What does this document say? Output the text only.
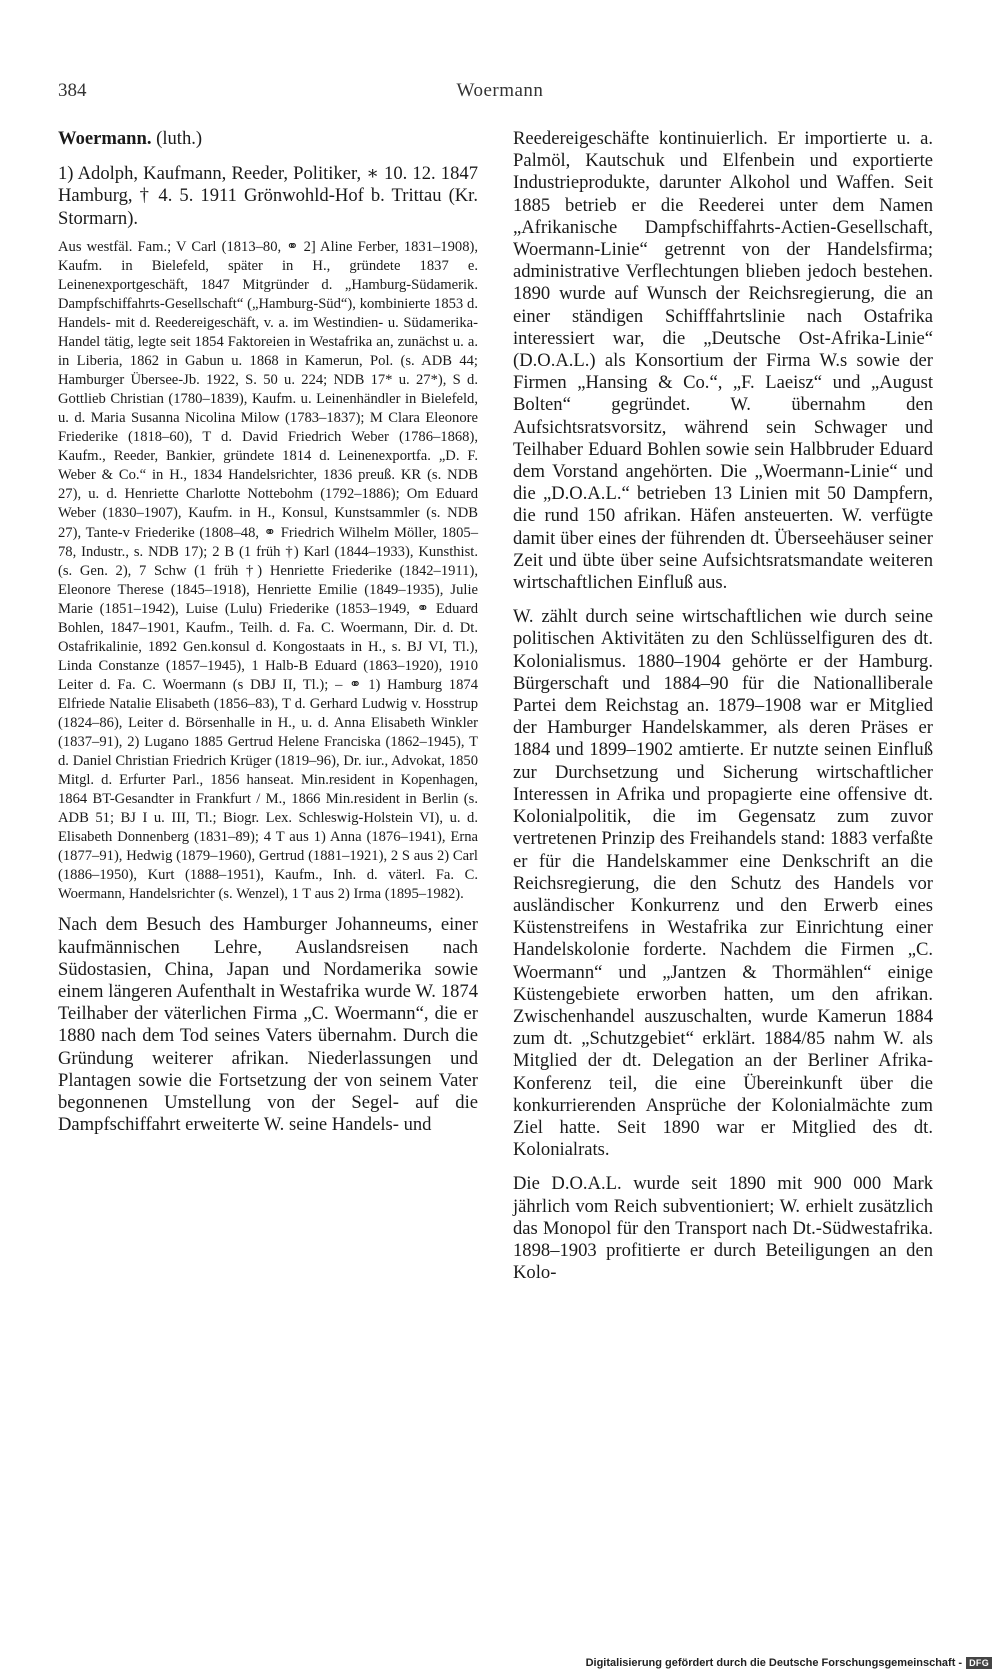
384	Woermann
Woermann. (luth.)

1) Adolph, Kaufmann, Reeder, Politiker, ∗ 10. 12. 1847 Hamburg, † 4. 5. 1911 Grönwohld-Hof b. Trittau (Kr. Stormarn).

Aus westfäl. Fam.; V Carl (1813–80, ⚭ 2] Aline Ferber, 1831–1908), Kaufm. in Bielefeld, später in H., gründete 1837 e. Leinenexportgeschäft, 1847 Mitgründer d. „Hamburg-Südamerik. Dampfschiffahrts-Gesellschaft“ („Hamburg-Süd“), kombinierte 1853 d. Handels- mit d. Reedereigeschäft, v. a. im Westindien- u. Südamerika-Handel tätig, legte seit 1854 Faktoreien in Westafrika an, zunächst u. a. in Liberia, 1862 in Gabun u. 1868 in Kamerun, Pol. (s. ADB 44; Hamburger Übersee-Jb. 1922, S. 50 u. 224; NDB 17* u. 27*), S d. Gottlieb Christian (1780–1839), Kaufm. u. Leinenhändler in Bielefeld, u. d. Maria Susanna Nicolina Milow (1783–1837); M Clara Eleonore Friederike (1818–60), T d. David Friedrich Weber (1786–1868), Kaufm., Reeder, Bankier, gründete 1814 d. Leinenexportfa. „D. F. Weber & Co.“ in H., 1834 Handelsrichter, 1836 preuß. KR (s. NDB 27), u. d. Henriette Charlotte Nottebohm (1792–1886); Om Eduard Weber (1830–1907), Kaufm. in H., Konsul, Kunstsammler (s. NDB 27), Tante-v Friederike (1808–48, ⚭ Friedrich Wilhelm Möller, 1805–78, Industr., s. NDB 17); 2 B (1 früh †) Karl (1844–1933), Kunsthist. (s. Gen. 2), 7 Schw (1 früh †) Henriette Friederike (1842–1911), Eleonore Therese (1845–1918), Henriette Emilie (1849–1935), Julie Marie (1851–1942), Luise (Lulu) Friederike (1853–1949, ⚭ Eduard Bohlen, 1847–1901, Kaufm., Teilh. d. Fa. C. Woermann, Dir. d. Dt. Ostafrikalinie, 1892 Gen.konsul d. Kongostaats in H., s. BJ VI, Tl.), Linda Constanze (1857–1945), 1 Halb-B Eduard (1863–1920), 1910 Leiter d. Fa. C. Woermann (s DBJ II, Tl.); – ⚭ 1) Hamburg 1874 Elfriede Natalie Elisabeth (1856–83), T d. Gerhard Ludwig v. Hosstrup (1824–86), Leiter d. Börsenhalle in H., u. d. Anna Elisabeth Winkler (1837–91), 2) Lugano 1885 Gertrud Helene Franciska (1862–1945), T d. Daniel Christian Friedrich Krüger (1819–96), Dr. iur., Advokat, 1850 Mitgl. d. Erfurter Parl., 1856 hanseat. Min.resident in Kopenhagen, 1864 BT-Gesandter in Frankfurt / M., 1866 Min.resident in Berlin (s. ADB 51; BJ I u. III, Tl.; Biogr. Lex. Schleswig-Holstein VI), u. d. Elisabeth Donnenberg (1831–89); 4 T aus 1) Anna (1876–1941), Erna (1877–91), Hedwig (1879–1960), Gertrud (1881–1921), 2 S aus 2) Carl (1886–1950), Kurt (1888–1951), Kaufm., Inh. d. väterl. Fa. C. Woermann, Handelsrichter (s. Wenzel), 1 T aus 2) Irma (1895–1982).

Nach dem Besuch des Hamburger Johanneums, einer kaufmännischen Lehre, Auslandsreisen nach Südostasien, China, Japan und Nordamerika sowie einem längeren Aufenthalt in Westafrika wurde W. 1874 Teilhaber der väterlichen Firma „C. Woermann“, die er 1880 nach dem Tod seines Vaters übernahm. Durch die Gründung weiterer afrikan. Niederlassungen und Plantagen sowie die Fortsetzung der von seinem Vater begonnenen Umstellung von der Segel- auf die Dampfschiffahrt erweiterte W. seine Handels- und

Reedereigeschäfte kontinuierlich. Er importierte u. a. Palmöl, Kautschuk und Elfenbein und exportierte Industrieprodukte, darunter Alkohol und Waffen. Seit 1885 betrieb er die Reederei unter dem Namen „Afrikanische Dampfschiffahrts-Actien-Gesellschaft, Woermann-Linie“ getrennt von der Handelsfirma; administrative Verflechtungen blieben jedoch bestehen. 1890 wurde auf Wunsch der Reichsregierung, die an einer ständigen Schifffahrtslinie nach Ostafrika interessiert war, die „Deutsche Ost-Afrika-Linie“ (D.O.A.L.) als Konsortium der Firma W.s sowie der Firmen „Hansing & Co.“, „F. Laeisz“ und „August Bolten“ gegründet. W. übernahm den Aufsichtsratsvorsitz, während sein Schwager und Teilhaber Eduard Bohlen sowie sein Halbbruder Eduard dem Vorstand angehörten. Die „Woermann-Linie“ und die „D.O.A.L.“ betrieben 13 Linien mit 50 Dampfern, die rund 150 afrikan. Häfen ansteuerten. W. verfügte damit über eines der führenden dt. Überseehäuser seiner Zeit und übte über seine Aufsichtsratsmandate weiteren wirtschaftlichen Einfluß aus.

W. zählt durch seine wirtschaftlichen wie durch seine politischen Aktivitäten zu den Schlüsselfiguren des dt. Kolonialismus. 1880–1904 gehörte er der Hamburg. Bürgerschaft und 1884–90 für die Nationalliberale Partei dem Reichstag an. 1879–1908 war er Mitglied der Hamburger Handelskammer, als deren Präses er 1884 und 1899–1902 amtierte. Er nutzte seinen Einfluß zur Durchsetzung und Sicherung wirtschaftlicher Interessen in Afrika und propagierte eine offensive dt. Kolonialpolitik, die im Gegensatz zum zuvor vertretenen Prinzip des Freihandels stand: 1883 verfaßte er für die Handelskammer eine Denkschrift an die Reichsregierung, die den Schutz des Handels vor ausländischer Konkurrenz und den Erwerb eines Küstenstreifens in Westafrika zur Einrichtung einer Handelskolonie forderte. Nachdem die Firmen „C. Woermann“ und „Jantzen & Thormählen“ einige Küstengebiete erworben hatten, um den afrikan. Zwischenhandel auszuschalten, wurde Kamerun 1884 zum dt. „Schutzgebiet“ erklärt. 1884/85 nahm W. als Mitglied der dt. Delegation an der Berliner Afrika-Konferenz teil, die eine Übereinkunft über die konkurrierenden Ansprüche der Kolonialmächte zum Ziel hatte. Seit 1890 war er Mitglied des dt. Kolonialrats.

Die D.O.A.L. wurde seit 1890 mit 900 000 Mark jährlich vom Reich subventioniert; W. erhielt zusätzlich das Monopol für den Transport nach Dt.-Südwestafrika. 1898–1903 profitierte er durch Beteiligungen an den Kolo-

Digitalisierung gefördert durch die Deutsche Forschungsgemeinschaft - DFG
